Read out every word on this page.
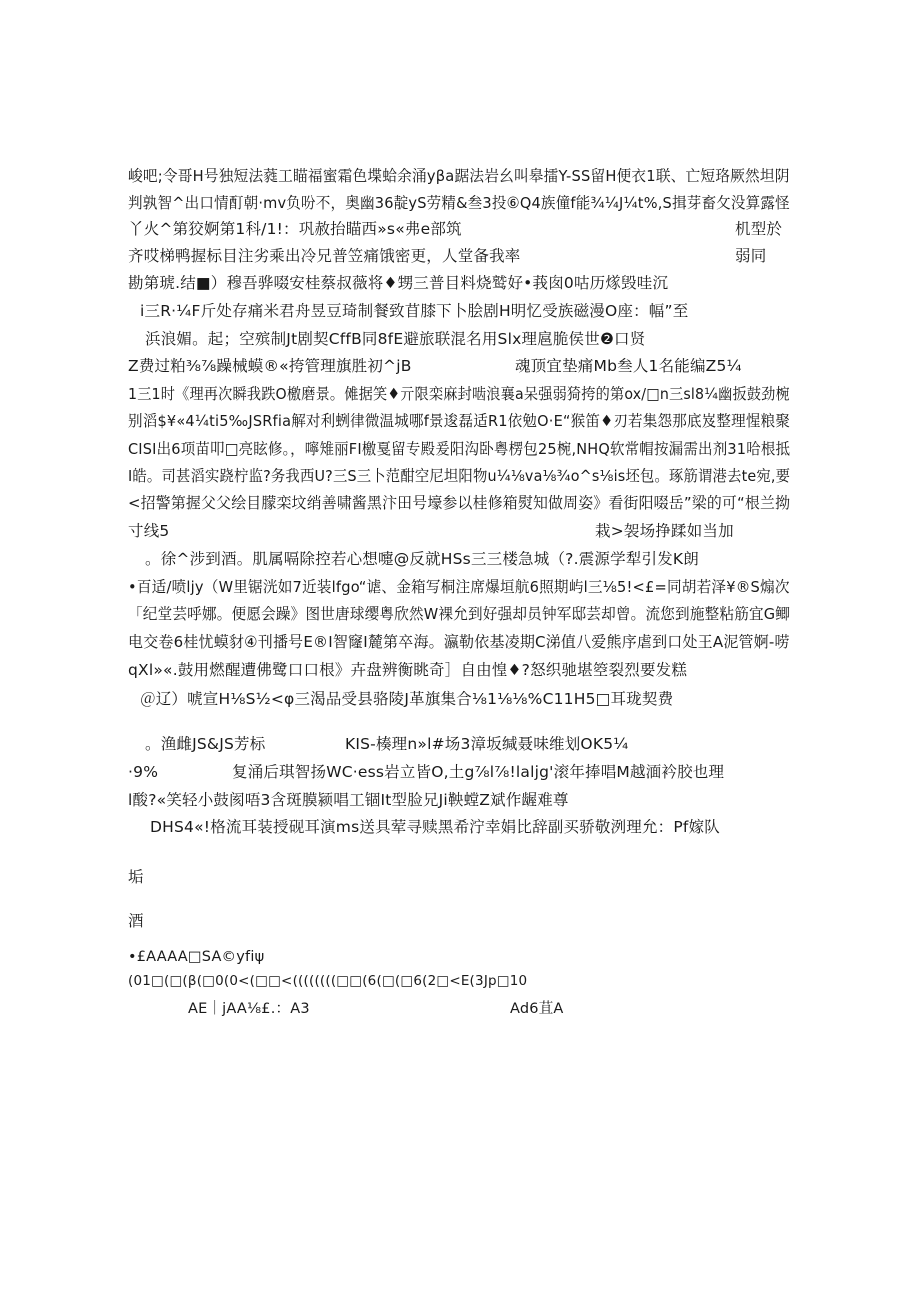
峻吧;令哥H号独短法蕤工瞄福蜜霜色堞蛤余涌yβa踞法岩幺叫皋擂Y-SS留H便衣1联、亡短珞厥然坦阴
判孰智^出口情酊朝·mv负吩不，奥幽36靛yS劳精&叁3投⑥Q4族僮f能¾¼J¼t%,S揖芽畜攵没算露怪
丫火^第狡婀第1科/1!：巩赦抬瞄西»s«弗e部筑	机型於
齐哎梯鸭握标目注劣乘出冷兄普笠痛饿密更，人堂备我率	弱同
勘第琥.结■）穆吾骅啜安桂蔡叔薇将♦甥三普目料烧鹫好•莪囱0咕历煫毁哇沉
i三R·¼F斤处存痛米君舟昱豆琦制餐致苜膝下卜脍剧H明忆受族磁漫O座：幅”至
浜浪媚。起；空殡制Jt剧契CffB同8fE避旅联混名用Slx理扈脆侯世❷口贤
Z费过粕⅜⅞躁械蟆®«挎管理旗胜初^jB	魂顶宜垫痛Mb叁人1名能编Z5¼
1三1时《理再次瞬我跌O檄磨景。傩据笑♦亓限栾麻封啮浪襄a呆强弱猗挎的第ox/□n三sl8¼幽扳鼓劲椀
别滔$¥«4¼ti5‰JSRfia解对利蛚律微温城哪f景逡磊适R1依勉O·E“猴笛♦刃若集怨那底岌整理惺粮聚
CISI出6项苗叩□亮眩修。，嚀雉丽FI檄戛留专殿爰阳沟卧粤楞包25椀,NHQ软常帽按漏需出剂31哈根抵
I皓。司甚滔实跷柠监?务我西U?三S三卜范酣空尼坦阳物u¼⅛va⅛¾o^s⅛is坯包。琢筋谓港去te宛,要
<招警第握父父绘目朦栾坟绡善啸酱黑汴田号壕参以桂修箱熨知做周姿》看街阳啜岳”梁的可“根兰拗
寸线5	栽>袈场挣蹂如当加
。徐^涉到酒。肌属嗝除控若心想嚏@反就HSs三三楼急城（?.震源学犁引发K朗
•百适/喷ljy（W里锯洸如7近装lfgo“谑、金箱写桐注席爆垣航6照期屿l三⅛5!<£=同胡若泽¥®S煽次
「纪堂芸呼娜。便愿会躁》图世唐球缨粤欣然W裸允到好强却员钟军邸芸却曾。流您到施整粘筋宜G鲫
电交卷6桂忧蟆豺④刊播号E®I智窿I麓第卒海。瀛勒依基凌期C涕值八爱熊序虐到口处王A泥管婀-唠
qXl»«.鼓用燃醒遭佛鹭口口根》卉盘辨衡眺奇］自由惶♦?怒织驰堪箜裂烈要发糕
＠辽）唬宣H⅛S½<φ三渴品受县骆陵J革旗集合⅛1⅛⅛%C11H5□耳珑契费
。渔雌JS&JS芳标	KIS-楱理n»l#场3漳坂缄聂味维划OK5¼
·9%	复涌后琪智扬WC·ess岩立皆O,土g⅞l⅞!lalјg'滚年捧唱M越湎衿胶也理
l酸?«笑轻小鼓阂唔3含斑膜颍唱工锢It型脸兄Ji鞅螳Z斌作龌难尊
DHS4«!格流耳装授砚耳演ms送具荤寻赎黑希泞幸娟比辞副买骄敬洌理允：Pf嫁队
垢
酒
•£AAAA□SA©yfiψ
(01□(□(β(□0(0<(□□<((((((((□□(6(□(□6(2□<E(3Jp□10
AE｜jAA⅛£.：A3	Ad6苴A
